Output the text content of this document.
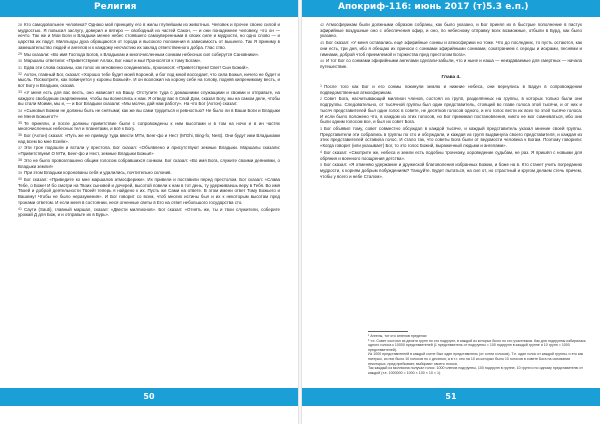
Религия

28 Кто самодовольнее человека? Однако мой принципу его в жилы глупейшим из животных. Человек и прочее своею силой и мудростью. Я повысил заслугу, доверил и вятиро — свободный из частей Сакон, — и они понадежнее человеку, что он — нечто. Так же и Мои Боги и Владыки менее небес стоявшего самоуверенными в своих силе и мудрости, но одно слово — и царства их падут. Милльоды духа обращаются от города и высокого положения в зависимость от вышнего. Так Я приниму в замешательство людей и ангелов и к каждому несчастию их заклад ответственного добра. Глас ство.

29 Мы сказали: «Во имя Господа Богов, к Владыкам и многочисленным сонмам небесных сил соберутся Сановники».

30 Маршалы ответили: «Приветствуем! Аллах, Бог наш! и мы! Проносятся к тому Богам».

31 Едва эти слова сказаны, как голос их мгновенно соединились, произнося: «Приветствуем! Свет! Сын Божий».

32 Ахтон, главный Бог, сказал: «Хорошо тебе будет моей Короной, и бог под мной восседает, что сила Божья, ничего не будет и мысль. Посмотрите, как повинуется у короны Божьей». И он возложил на корону себе на голову, подняв кипренимому весть, и вот Богу и Владыки, сказав.

33 «У меня есть для вас весть, оно нависает на Вашу. Отступите туда с домашними служащими и своими и отправьте, на каждого свободным снаряжением, чтобы вы вознеслись к нам. Я отведу вас в Свой Дом, сказал Богу, мы на самом деле, чтобы вы стали Моими, мы и, — и Бог Владыки сказали: «Мы молчи, дай нам работу». На что Бог (Ахтон) сказал:

34 «Сыновья Божии не должны быть не снятыми; как же вы сами трудиться и ревностью? Не было ли в Ваши Боги и Владыки не Меня Божьего?»

35 Те приняли, и после должны приветствие были с сопровождены к ним высотами и в том на ночи и в ин частях многочисленных небесных тел и планетами, и всё к Богу.

36 Бог (Ахтон) сказал: «Путь же не приведу туда ввести М'Ги, Бенг-фо и Нест (M'Ghi, Bing-fo, Nest). Они будут ими Владыками над всем во мне Есейн».

37 Эти трое подошли и встали у престола. Бог сказал: «Объявлено и присутствуют земные Владыки. Маршалы сказали: «Приветствуем! О М'Ги, Бенг-фо и Нест, земные Владыки Божьи!»

38 Это не было провозглашено общим голосом собравшихся сонмом. Бог сказал: «Во имя Бога, служите своими деяниями, о Владыки земли!»

39 При этом Владыки коронованы себя и удалились, почтительно склонив.

40 Бог сказал: «Приведите ко мне маршалов атмосферики». Их привели и поставили перед престолом. Бог сказал: «Слава Тебе, о Боже! И бо смотри на Твоих сыновей и дочерей, высотой повели к нам в тот день, ту удерживаешь веру в Тебя. Во имя Твоей и доброй деятельности Твоей! теперь я найдено к их. Пусть же Сами на ответе. В этом имени ответ Тому Божьего и Вашему! Чтобы не было неразумения». И Бог говорит со всем, чтоб многих истины был и их к некоторым высотам пред тронами ответом. И если меня в состоянии, неся огненные светы в Его на ответ небольшого государства сто.

41 Саути (Sauti), главный маршал, сказал: «Двести миллионов». Бог сказал: «Отнять же, ты и твои служители, соберите урожай Д для Бож, и и отправьте их в Бурь».

50
Апокриф-116: июнь 2017 (т)5.3 е.п.)

42 Атмосферикам были должными образом собраны, как было указано, и Бог принял их в быстрые пополнение в пастух эфирийные воздушные оно с обеспечения офир, и оно, по небесному отправку всех возможные, отбыли в Бурд, как было указано.

43 Бог сказал: «У меня оставались ещё эфирийные сонмы и атмосферики но тоже. Что до последних, то пусть остаются, как они есть, три дня, ибо я обещаю их приноси с сонмами эфирийными сонмами, сокатранием с середы и искрами, песнями и гимнами, доброй чтоб приемлемой и торжества пред престолом Бога».

44 И тот Бог со сонмами эфирийными ангелами сделали-забыли, что и ныне и наша — неиздаваемые для смертных — начала путешествие.

Глава 4.

1 После того как Бог и его сонмы покинули землю и нижние небеса, они вернулись в Бадун в сопровождении подведомственных атмосферикам.

2 Совет Бога, насчитывающий миллион членов, состоял из групп, разделённых на группы, в которых только были они подгруппы. Следовательно, от тысячной группы был один представитель, стоящий во главе голоса этой тысячи, и от них и тысяч представителей был один голос в совете, не десятков голосов одного, и его голос вести их всех по этой тысяче голоса. И если было положено что, в каждом из этих голосов, но Бог принимал постановления, никто не мог сомневаться, ибо они были одним голосом все, и был их совет Бога.

3 Бог объявил тому, совет совместно обсуждал в каждой тысяче, и каждый представитель указал мнение своей группы. Представители эти собрались в группы по сто и обсуждали, и каждая из групп выдвинула своего представителя, и каждая из этих представителей оставила голос. И стало так, что советы Бога были от ведомости человека к Богам. Поэтому говорили: «Когда говорит (или указывает) Бог, то это голос Божий, выраженный людьми и ангелами».

4 Бог сказал: «Смотрите же, небеса и земли есть подобны тронному, хороведение судьбам, не раз. Я пришёл с новыми для обряния и военного поощрения детства».

5 Бог сказал: «Я отменяю удержание и дружеской благоволения избранных Божии, и боже на в. Кто станет учить погреданию мудрости, к корням добрым побуждениям? Танцуйте. Будет пытаться, на сил от, но страстный и кругом делаем стечь причем, чтобы у всего и небе Сталом».

¹ Ангелы, тот кто ангелов пределах

² т.е. Совет состоял из десяти групп по сто подгрупп, в каждой из которых было по сто участников. Как для подгруппы избиралась одного голоса к 10000 представителей (1 представитель от подгруппы = 100 подгрупп в каждой группе и 10 групп = 1000 представителей).

Из 1000 представителей в каждой сотне был один представитель (от сотни голосов). Т.е. один голос от каждой группы, и это как пятерых, из них было 10 голосов по с десятью, а в т.г. оно на 10 из которых было 10 голосов в совете Бога на основании некоторых, пред пребывает, выбирают своего голоса.

Так каждый из миллиона получал голос: 1000 членов подгруппы, 100 подгрупп в группе, 10 групп и по одному представителю от каждой (т.е. 1000000 = 1000 × 100 × 10 × 1).

51
